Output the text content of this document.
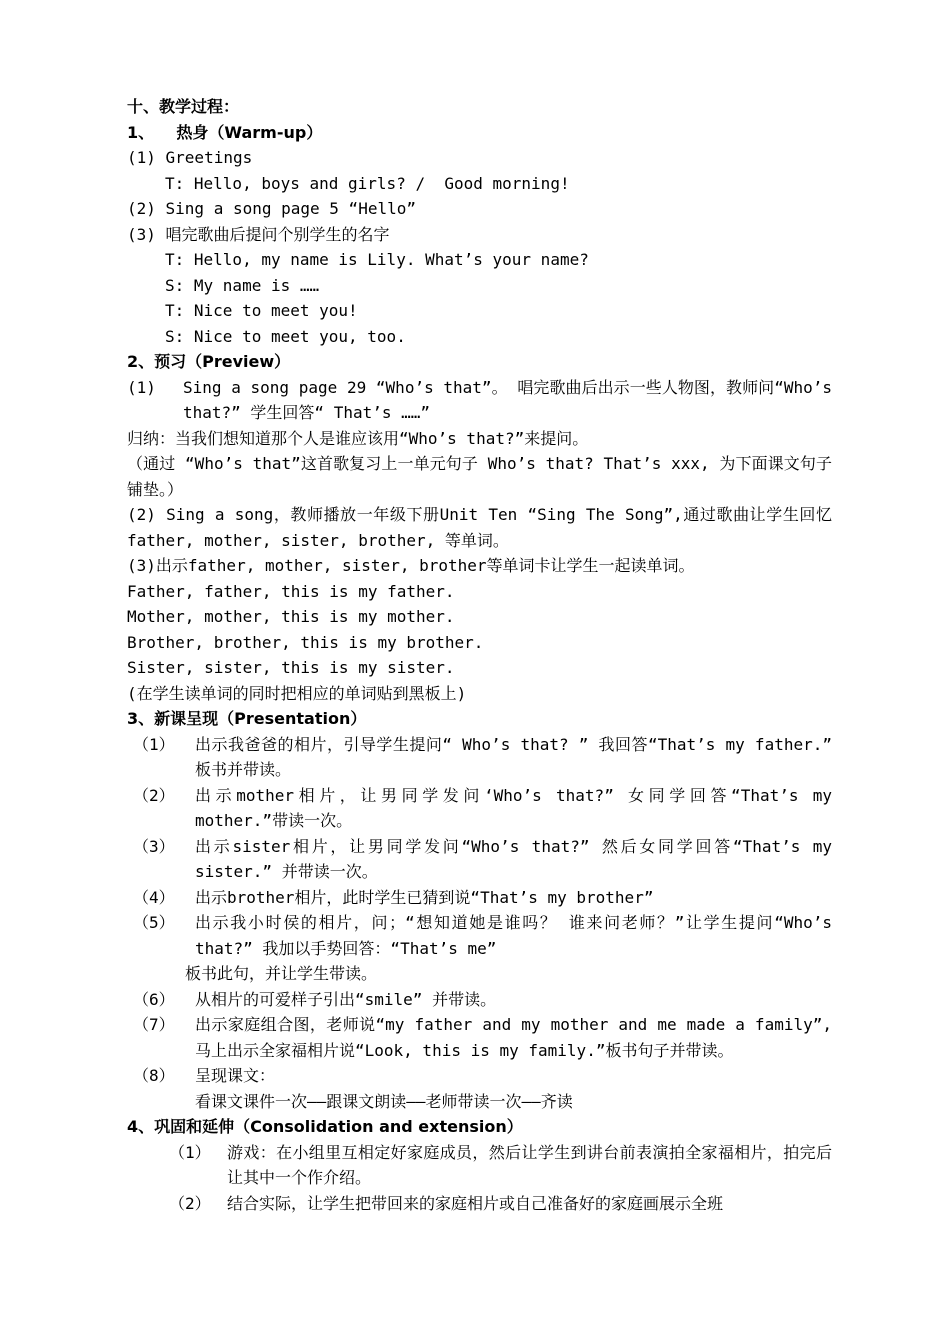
十、教学过程：
1、    热身（Warm-up）
(1) Greetings
T: Hello, boys and girls? /  Good morning!
(2) Sing a song page 5 “Hello”
(3) 唱完歌曲后提问个别学生的名字
T: Hello, my name is Lily. What’s your name?
S: My name is ……
T: Nice to meet you!
S: Nice to meet you, too.
2、预习（Preview）
(1) Sing a song page 29 “Who’s that”。 唱完歌曲后出示一些人物图，教师问“Who’s that?” 学生回答“ That’s ……”
归纳：当我们想知道那个人是谁应该用“Who’s that?”来提问。
（通过 “Who’s that”这首歌复习上一单元句子 Who’s that? That’s xxx, 为下面课文句子铺垫。）
(2) Sing a song，教师播放一年级下册Unit Ten “Sing The Song”,通过歌曲让学生回忆father, mother, sister, brother, 等单词。
(3)出示father, mother, sister, brother等单词卡让学生一起读单词。
Father, father, this is my father.
Mother, mother, this is my mother.
Brother, brother, this is my brother.
Sister, sister, this is my sister.
(在学生读单词的同时把相应的单词贴到黑板上)
3、新课呈现（Presentation）
（1） 出示我爸爸的相片，引导学生提问“ Who’s that? ” 我回答“That’s my father.” 板书并带读。
（2） 出示mother相片，让男同学发问‘Who’s that?” 女同学回答“That’s my mother.”带读一次。
（3） 出示sister相片，让男同学发问“Who’s that?” 然后女同学回答“That’s my sister.” 并带读一次。
（4） 出示brother相片，此时学生已猜到说“That’s my brother”
（5） 出示我小时侯的相片，问；“想知道她是谁吗？ 谁来问老师？”让学生提问“Who’s that?” 我加以手势回答：“That’s me”
板书此句，并让学生带读。
（6） 从相片的可爱样子引出“smile” 并带读。
（7） 出示家庭组合图，老师说“my father and my mother and me made a family”, 马上出示全家福相片说“Look, this is my family.”板书句子并带读。
（8） 呈现课文：
看课文课件一次——跟课文朗读——老师带读一次——齐读
4、巩固和延伸（Consolidation and extension）
（1） 游戏：在小组里互相定好家庭成员，然后让学生到讲台前表演拍全家福相片，拍完后让其中一个作介绍。
（2） 结合实际，让学生把带回来的家庭相片或自己准备好的家庭画展示全班
